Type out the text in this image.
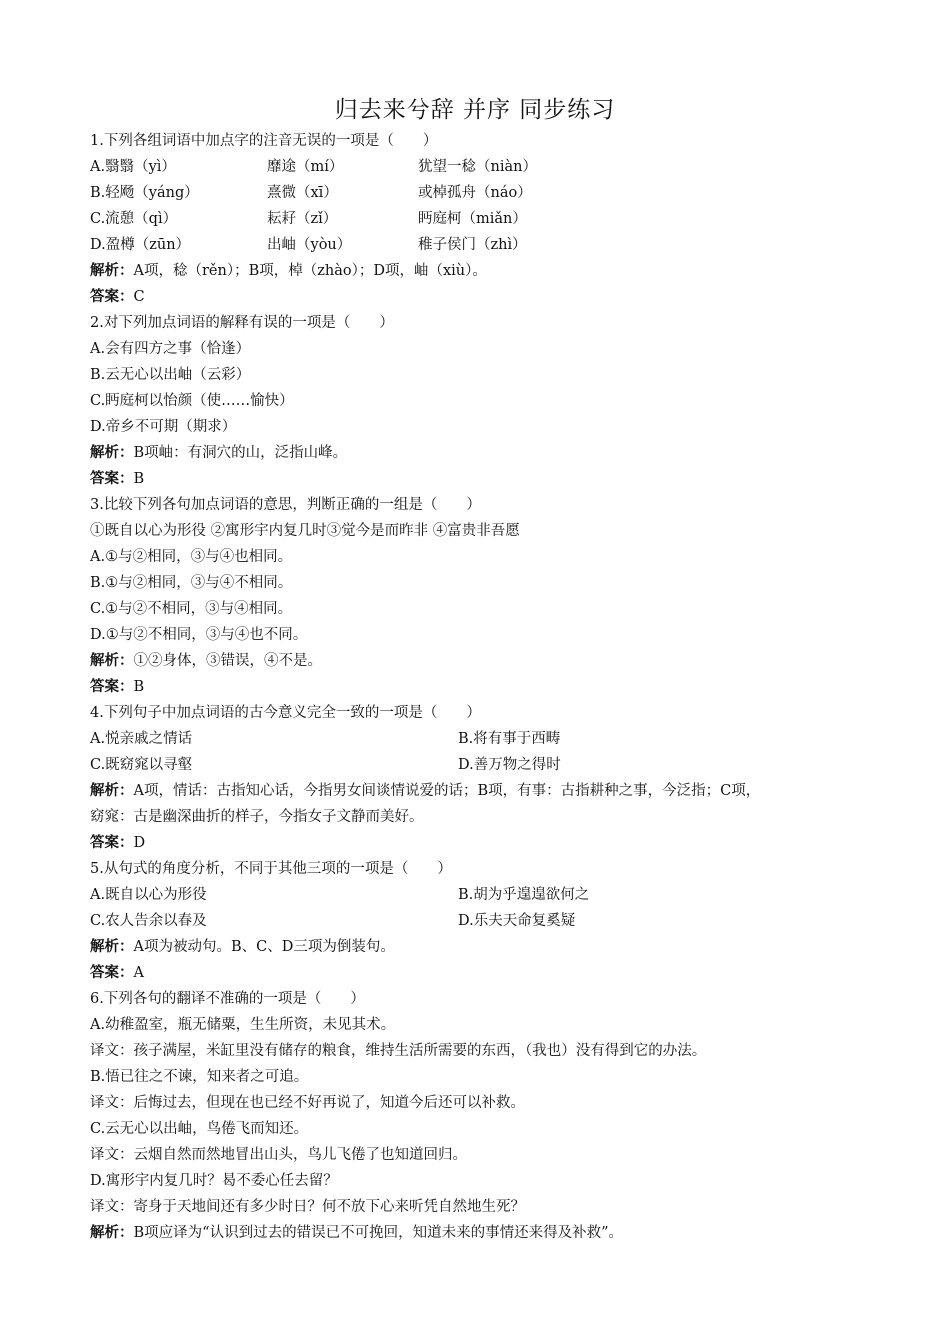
归去来兮辞 并序 同步练习
1.下列各组词语中加点字的注音无误的一项是（　　）
A.翳翳（yì）	靡途（mí）	犹望一稔（niàn）
B.轻飏（yáng）	熹微（xī）	或棹孤舟（náo）
C.流憩（qì）	耘耔（zǐ）	眄庭柯（miǎn）
D.盈樽（zūn）	出岫（yòu）	稚子侯门（zhì）
解析：A项，稔（rěn）；B项，棹（zhào）；D项，岫（xiù）。
答案：C
2.对下列加点词语的解释有误的一项是（　　）
A.会有四方之事（恰逢）
B.云无心以出岫（云彩）
C.眄庭柯以怡颜（使……愉快）
D.帝乡不可期（期求）
解析：B项岫：有洞穴的山，泛指山峰。
答案：B
3.比较下列各句加点词语的意思，判断正确的一组是（　　）
①既自以心为形役 ②寓形宇内复几时③觉今是而昨非 ④富贵非吾愿
A.①与②相同，③与④也相同。
B.①与②相同，③与④不相同。
C.①与②不相同，③与④相同。
D.①与②不相同，③与④也不同。
解析：①②身体，③错误，④不是。
答案：B
4.下列句子中加点词语的古今意义完全一致的一项是（　　）
A.悦亲戚之情话	B.将有事于西畴
C.既窈窕以寻壑	D.善万物之得时
解析：A项，情话：古指知心话，今指男女间谈情说爱的话；B项，有事：古指耕种之事，今泛指；C项，
窈窕：古是幽深曲折的样子，今指女子文静而美好。
答案：D
5.从句式的角度分析，不同于其他三项的一项是（　　）
A.既自以心为形役	B.胡为乎遑遑欲何之
C.农人告余以春及	D.乐夫天命复奚疑
解析：A项为被动句。B、C、D三项为倒装句。
答案：A
6.下列各句的翻译不准确的一项是（　　）
A.幼稚盈室，瓶无储粟，生生所资，未见其术。
译文：孩子满屋，米缸里没有储存的粮食，维持生活所需要的东西，（我也）没有得到它的办法。
B.悟已往之不谏，知来者之可追。
译文：后悔过去，但现在也已经不好再说了，知道今后还可以补救。
C.云无心以出岫，鸟倦飞而知还。
译文：云烟自然而然地冒出山头，鸟儿飞倦了也知道回归。
D.寓形宇内复几时？曷不委心任去留？
译文：寄身于天地间还有多少时日？何不放下心来听凭自然地生死？
解析：B项应译为“认识到过去的错误已不可挽回，知道未来的事情还来得及补救”。
